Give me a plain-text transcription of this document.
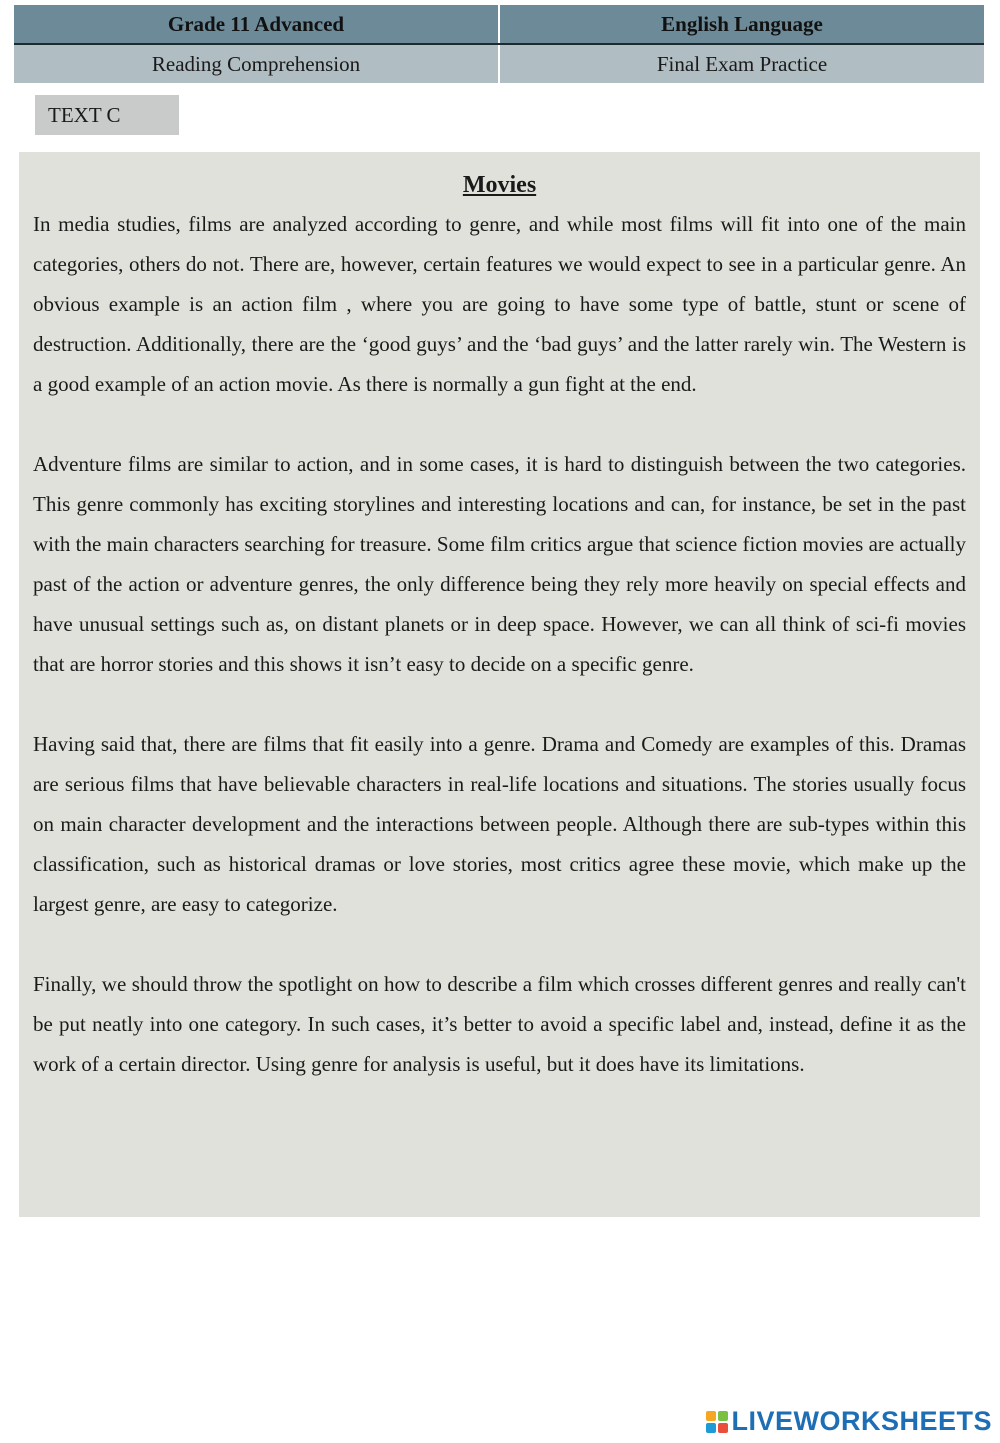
Grade 11 Advanced	English Language
Reading Comprehension	Final Exam Practice
TEXT C
Movies

In media studies, films are analyzed according to genre, and while most films will fit into one of the main categories, others do not. There are, however, certain features we would expect to see in a particular genre. An obvious example is an action film , where you are going to have some type of battle, stunt or scene of destruction. Additionally, there are the ‘good guys’ and the ‘bad guys’ and the latter rarely win. The Western is a good example of an action movie. As there is normally a gun fight at the end.

Adventure films are similar to action, and in some cases, it is hard to distinguish between the two categories. This genre commonly has exciting storylines and interesting locations and can, for instance, be set in the past with the main characters searching for treasure. Some film critics argue that science fiction movies are actually past of the action or adventure genres, the only difference being they rely more heavily on special effects and have unusual settings such as, on distant planets or in deep space. However, we can all think of sci-fi movies that are horror stories and this shows it isn’t easy to decide on a specific genre.

Having said that, there are films that fit easily into a genre. Drama and Comedy are examples of this. Dramas are serious films that have believable characters in real-life locations and situations. The stories usually focus on main character development and the interactions between people. Although there are sub-types within this classification, such as historical dramas or love stories, most critics agree these movie, which make up the largest genre, are easy to categorize.

Finally, we should throw the spotlight on how to describe a film which crosses different genres and really can't be put neatly into one category. In such cases, it’s better to avoid a specific label and, instead, define it as the work of a certain director. Using genre for analysis is useful, but it does have its limitations.

LIVEWORKSHEETS
